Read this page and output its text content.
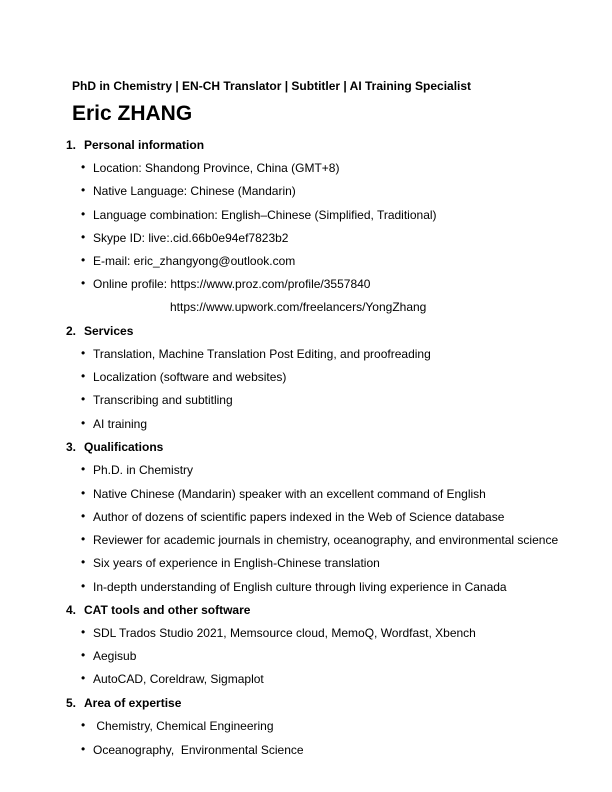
PhD in Chemistry | EN-CH Translator | Subtitler | AI Training Specialist
Eric ZHANG
1. Personal information
• Location: Shandong Province, China (GMT+8)
• Native Language: Chinese (Mandarin)
• Language combination: English–Chinese (Simplified, Traditional)
• Skype ID: live:.cid.66b0e94ef7823b2
• E-mail: eric_zhangyong@outlook.com
• Online profile: https://www.proz.com/profile/3557840
https://www.upwork.com/freelancers/YongZhang
2. Services
• Translation, Machine Translation Post Editing, and proofreading
• Localization (software and websites)
• Transcribing and subtitling
• AI training
3. Qualifications
• Ph.D. in Chemistry
• Native Chinese (Mandarin) speaker with an excellent command of English
• Author of dozens of scientific papers indexed in the Web of Science database
• Reviewer for academic journals in chemistry, oceanography, and environmental science
• Six years of experience in English-Chinese translation
• In-depth understanding of English culture through living experience in Canada
4. CAT tools and other software
• SDL Trados Studio 2021, Memsource cloud, MemoQ, Wordfast, Xbench
• Aegisub
• AutoCAD, Coreldraw, Sigmaplot
5. Area of expertise
• Chemistry, Chemical Engineering
• Oceanography,  Environmental Science
